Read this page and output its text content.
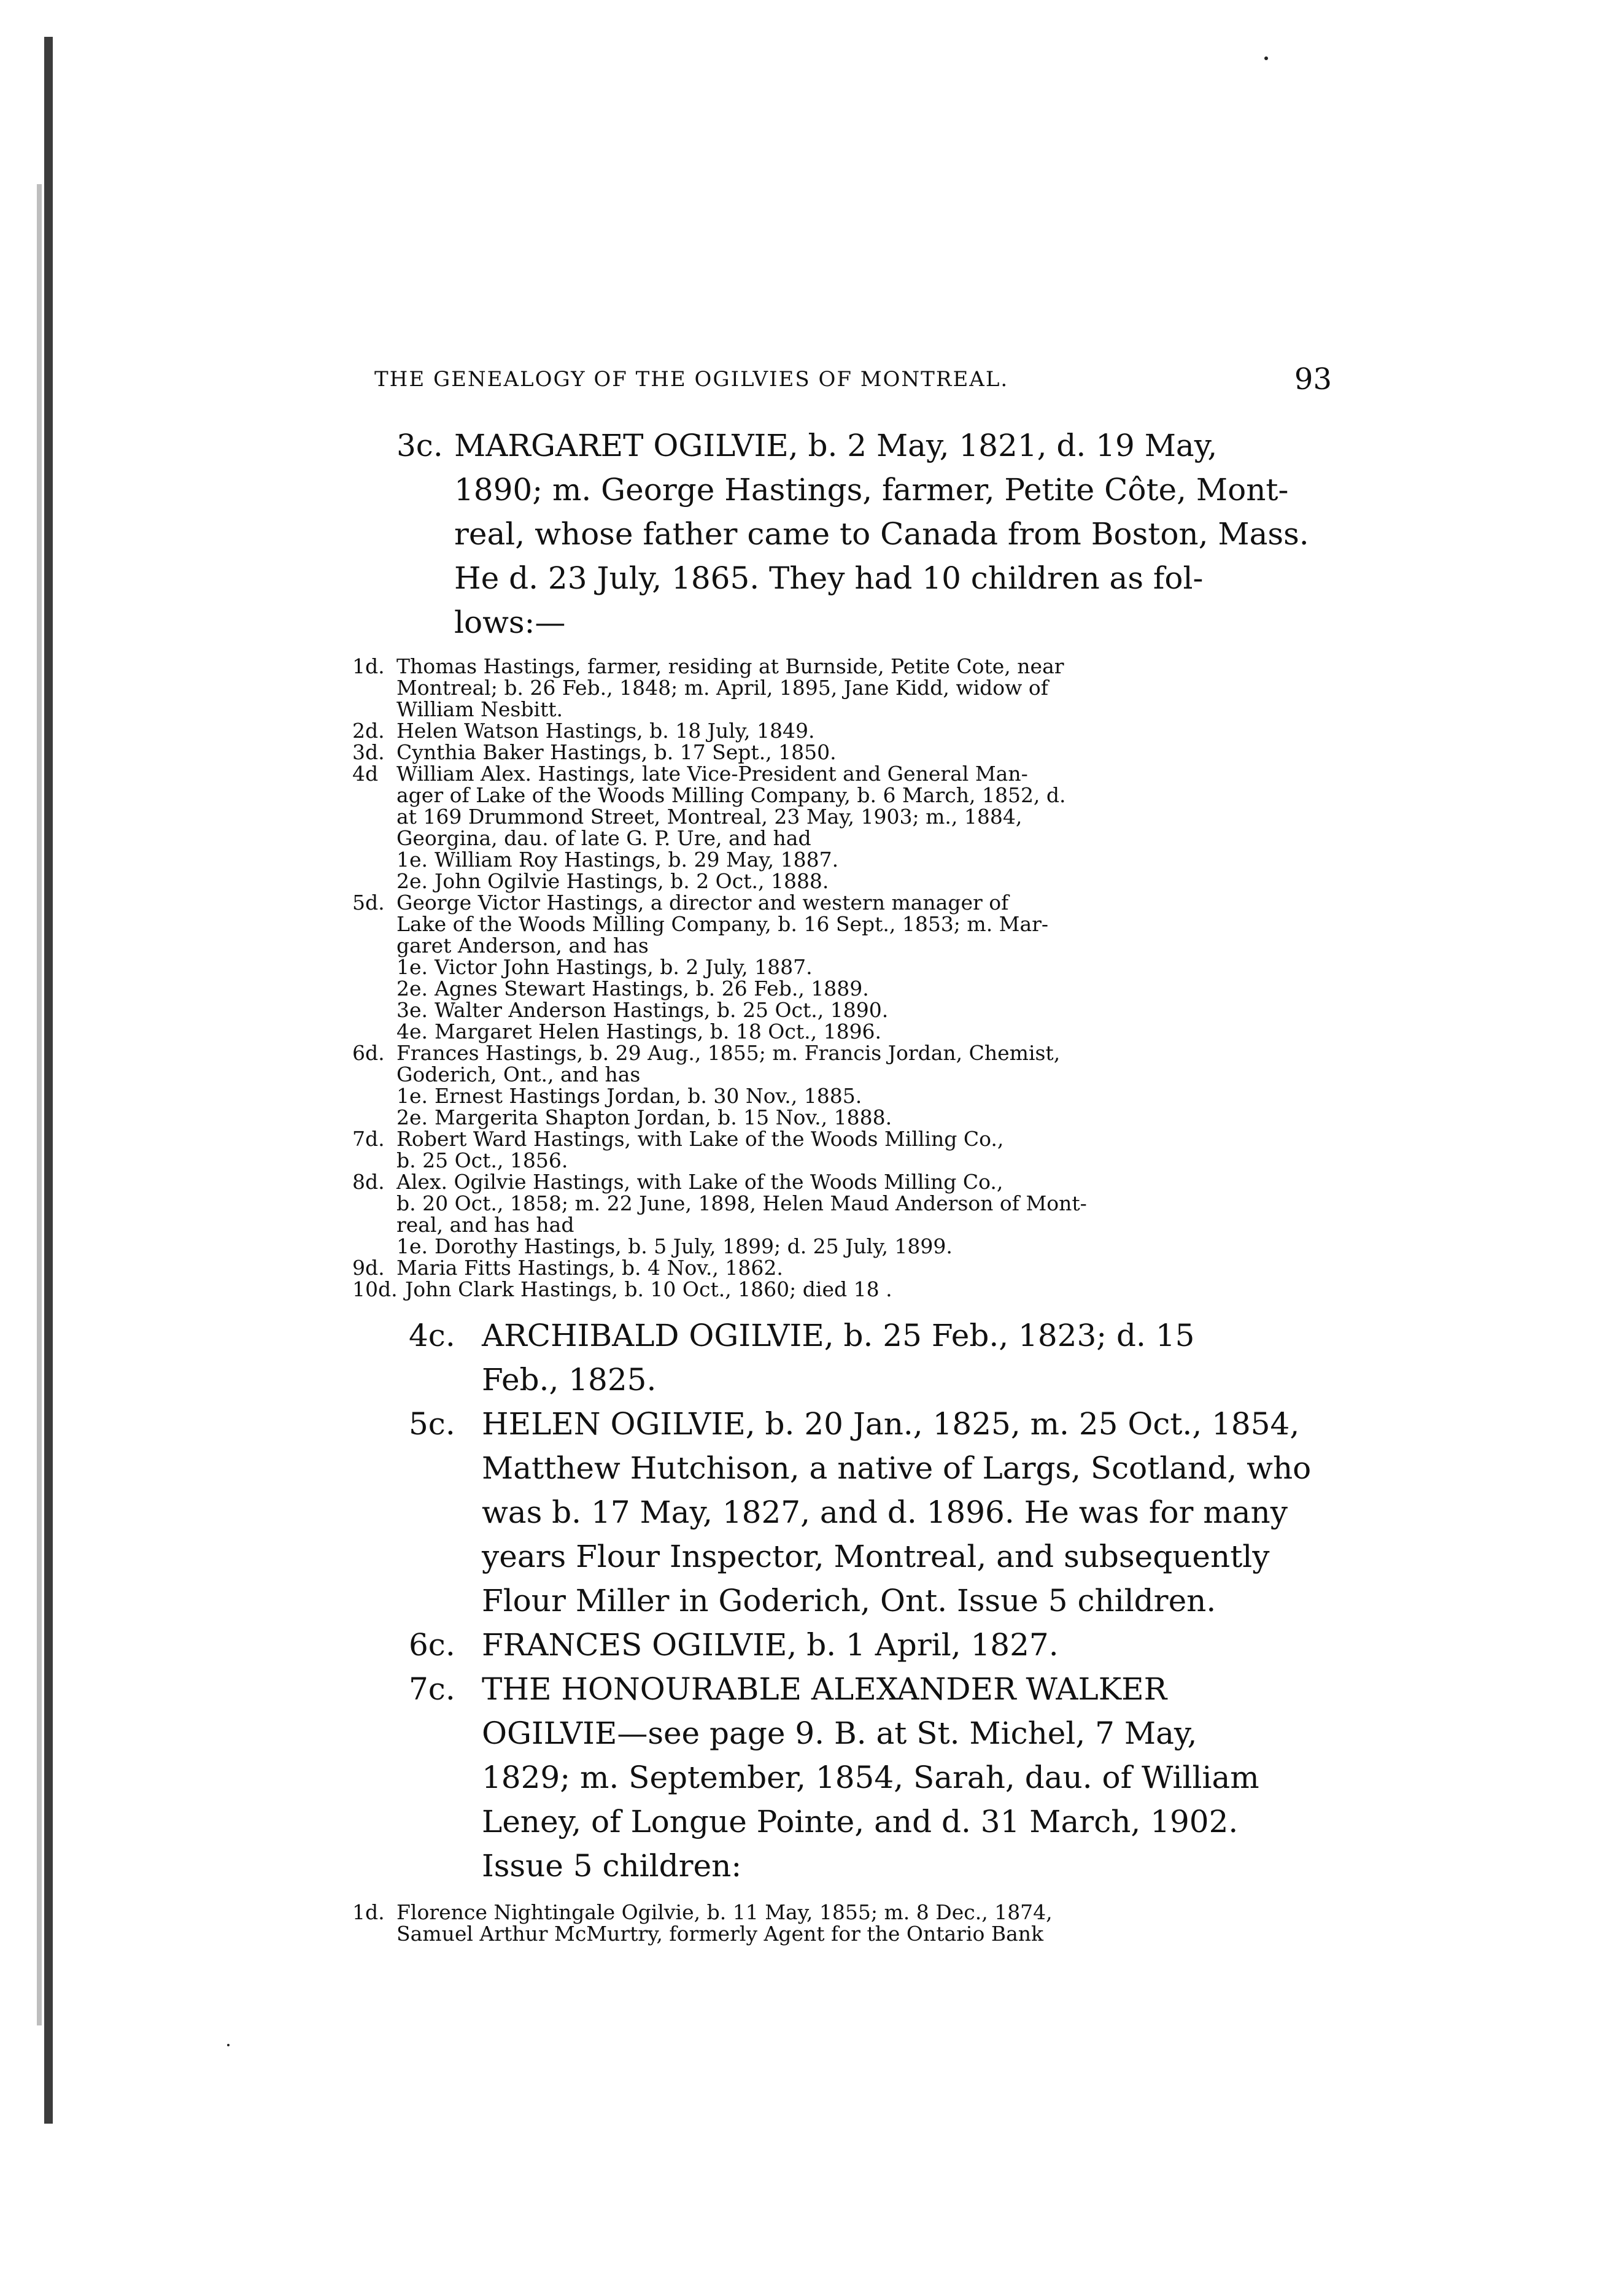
THE GENEALOGY OF THE OGILVIES OF MONTREAL.	93
3c. MARGARET OGILVIE, b. 2 May, 1821, d. 19 May,
1890; m. George Hastings, farmer, Petite Côte, Mont-
real, whose father came to Canada from Boston, Mass.
He d. 23 July, 1865. They had 10 children as fol-
lows:—
1d. Thomas Hastings, farmer, residing at Burnside, Petite Cote, near
Montreal; b. 26 Feb., 1848; m. April, 1895, Jane Kidd, widow of
William Nesbitt.
2d. Helen Watson Hastings, b. 18 July, 1849.
3d. Cynthia Baker Hastings, b. 17 Sept., 1850.
4d William Alex. Hastings, late Vice-President and General Man-
ager of Lake of the Woods Milling Company, b. 6 March, 1852, d.
at 169 Drummond Street, Montreal, 23 May, 1903; m., 1884,
Georgina, dau. of late G. P. Ure, and had
1e. William Roy Hastings, b. 29 May, 1887.
2e. John Ogilvie Hastings, b. 2 Oct., 1888.
5d. George Victor Hastings, a director and western manager of
Lake of the Woods Milling Company, b. 16 Sept., 1853; m. Mar-
garet Anderson, and has
1e. Victor John Hastings, b. 2 July, 1887.
2e. Agnes Stewart Hastings, b. 26 Feb., 1889.
3e. Walter Anderson Hastings, b. 25 Oct., 1890.
4e. Margaret Helen Hastings, b. 18 Oct., 1896.
6d. Frances Hastings, b. 29 Aug., 1855; m. Francis Jordan, Chemist,
Goderich, Ont., and has
1e. Ernest Hastings Jordan, b. 30 Nov., 1885.
2e. Margerita Shapton Jordan, b. 15 Nov., 1888.
7d. Robert Ward Hastings, with Lake of the Woods Milling Co.,
b. 25 Oct., 1856.
8d. Alex. Ogilvie Hastings, with Lake of the Woods Milling Co.,
b. 20 Oct., 1858; m. 22 June, 1898, Helen Maud Anderson of Mont-
real, and has had
1e. Dorothy Hastings, b. 5 July, 1899; d. 25 July, 1899.
9d. Maria Fitts Hastings, b. 4 Nov., 1862.
10d. John Clark Hastings, b. 10 Oct., 1860; died 18 .
4c. ARCHIBALD OGILVIE, b. 25 Feb., 1823; d. 15
Feb., 1825.
5c. HELEN OGILVIE, b. 20 Jan., 1825, m. 25 Oct., 1854,
Matthew Hutchison, a native of Largs, Scotland, who
was b. 17 May, 1827, and d. 1896. He was for many
years Flour Inspector, Montreal, and subsequently
Flour Miller in Goderich, Ont. Issue 5 children.
6c. FRANCES OGILVIE, b. 1 April, 1827.
7c. THE HONOURABLE ALEXANDER WALKER
OGILVIE—see page 9. B. at St. Michel, 7 May,
1829; m. September, 1854, Sarah, dau. of William
Leney, of Longue Pointe, and d. 31 March, 1902.
Issue 5 children:
1d. Florence Nightingale Ogilvie, b. 11 May, 1855; m. 8 Dec., 1874,
Samuel Arthur McMurtry, formerly Agent for the Ontario Bank
